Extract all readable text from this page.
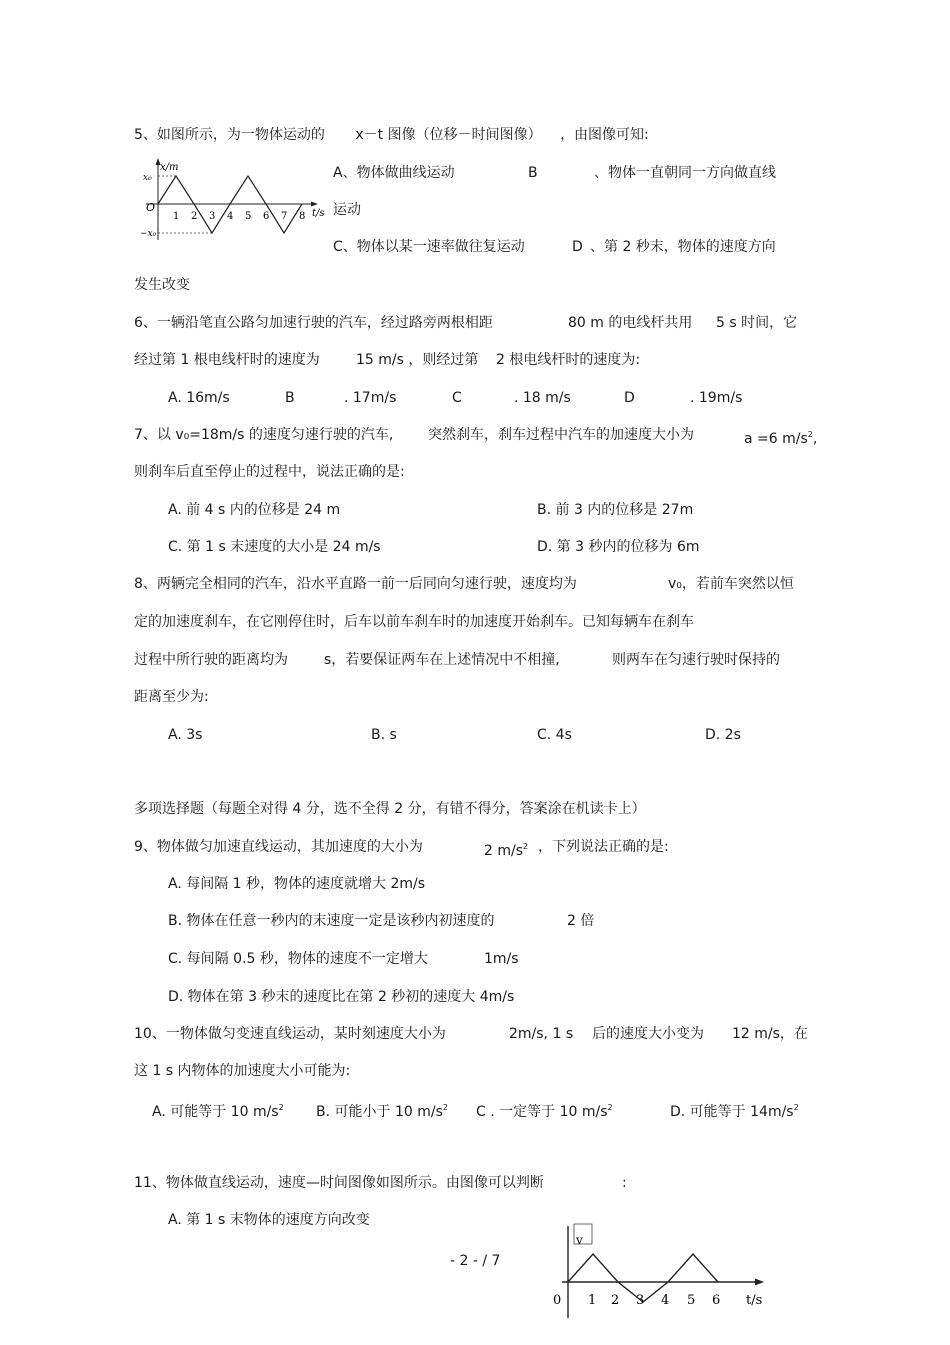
5、如图所示，为一物体运动的 x－t 图像（位移－时间图像） ，由图像可知:
x/m
x₀
−x₀
O
1 2 3 4 5 6 7 8 t/s
A、物体做曲线运动	B	、物体一直朝同一方向做直线
运动
C、物体以某一速率做往复运动	D 、第 2 秒末，物体的速度方向
发生改变
6、一辆沿笔直公路匀加速行驶的汽车，经过路旁两根相距	80 m 的电线杆共用 5 s 时间，它
经过第 1 根电线杆时的速度为	15 m/s ，则经过第 2 根电线杆时的速度为:
A. 16m/s	B	. 17m/s	C	. 18 m/s	D	. 19m/s
7、以 v₀=18m/s 的速度匀速行驶的汽车, 突然刹车，刹车过程中汽车的加速度大小为	a =6 $m/s^2$,
则刹车后直至停止的过程中，说法正确的是:
A. 前 4 s 内的位移是 24 m	B. 前 3 内的位移是 27m
C. 第 1 s 末速度的大小是 24 m/s	D. 第 3 秒内的位移为 6m
8、两辆完全相同的汽车，沿水平直路一前一后同向匀速行驶，速度均为	v₀，若前车突然以恒
定的加速度刹车，在它刚停住时，后车以前车刹车时的加速度开始刹车。已知每辆车在刹车
过程中所行驶的距离均为	s，若要保证两车在上述情况中不相撞,	则两车在匀速行驶时保持的
距离至少为:
A. 3s	B. s	C. 4s	D. 2s
多项选择题（每题全对得 4 分，选不全得 2 分，有错不得分，答案涂在机读卡上）
9、物体做匀加速直线运动，其加速度的大小为	2 $m/s^2$ ，下列说法正确的是:
A. 每间隔 1 秒，物体的速度就增大 2m/s
B. 物体在任意一秒内的末速度一定是该秒内初速度的	2 倍
C. 每间隔 0.5 秒，物体的速度不一定增大	1m/s
D. 物体在第 3 秒末的速度比在第 2 秒初的速度大 4m/s
10、一物体做匀变速直线运动，某时刻速度大小为	2m/s, 1 s 后的速度大小变为 12 m/s，在
这 1 s 内物体的加速度大小可能为:
A. 可能等于 10 $m/s^2$ B. 可能小于 10 $m/s^2$ C . 一定等于 10 $m/s^2$	D. 可能等于 $14m/s^2$
11、物体做直线运动，速度—时间图像如图所示。由图像可以判断	:
A. 第 1 s 末物体的速度方向改变
v
0 1 2 3 4 5 6 t/s
- 2 - / 7
